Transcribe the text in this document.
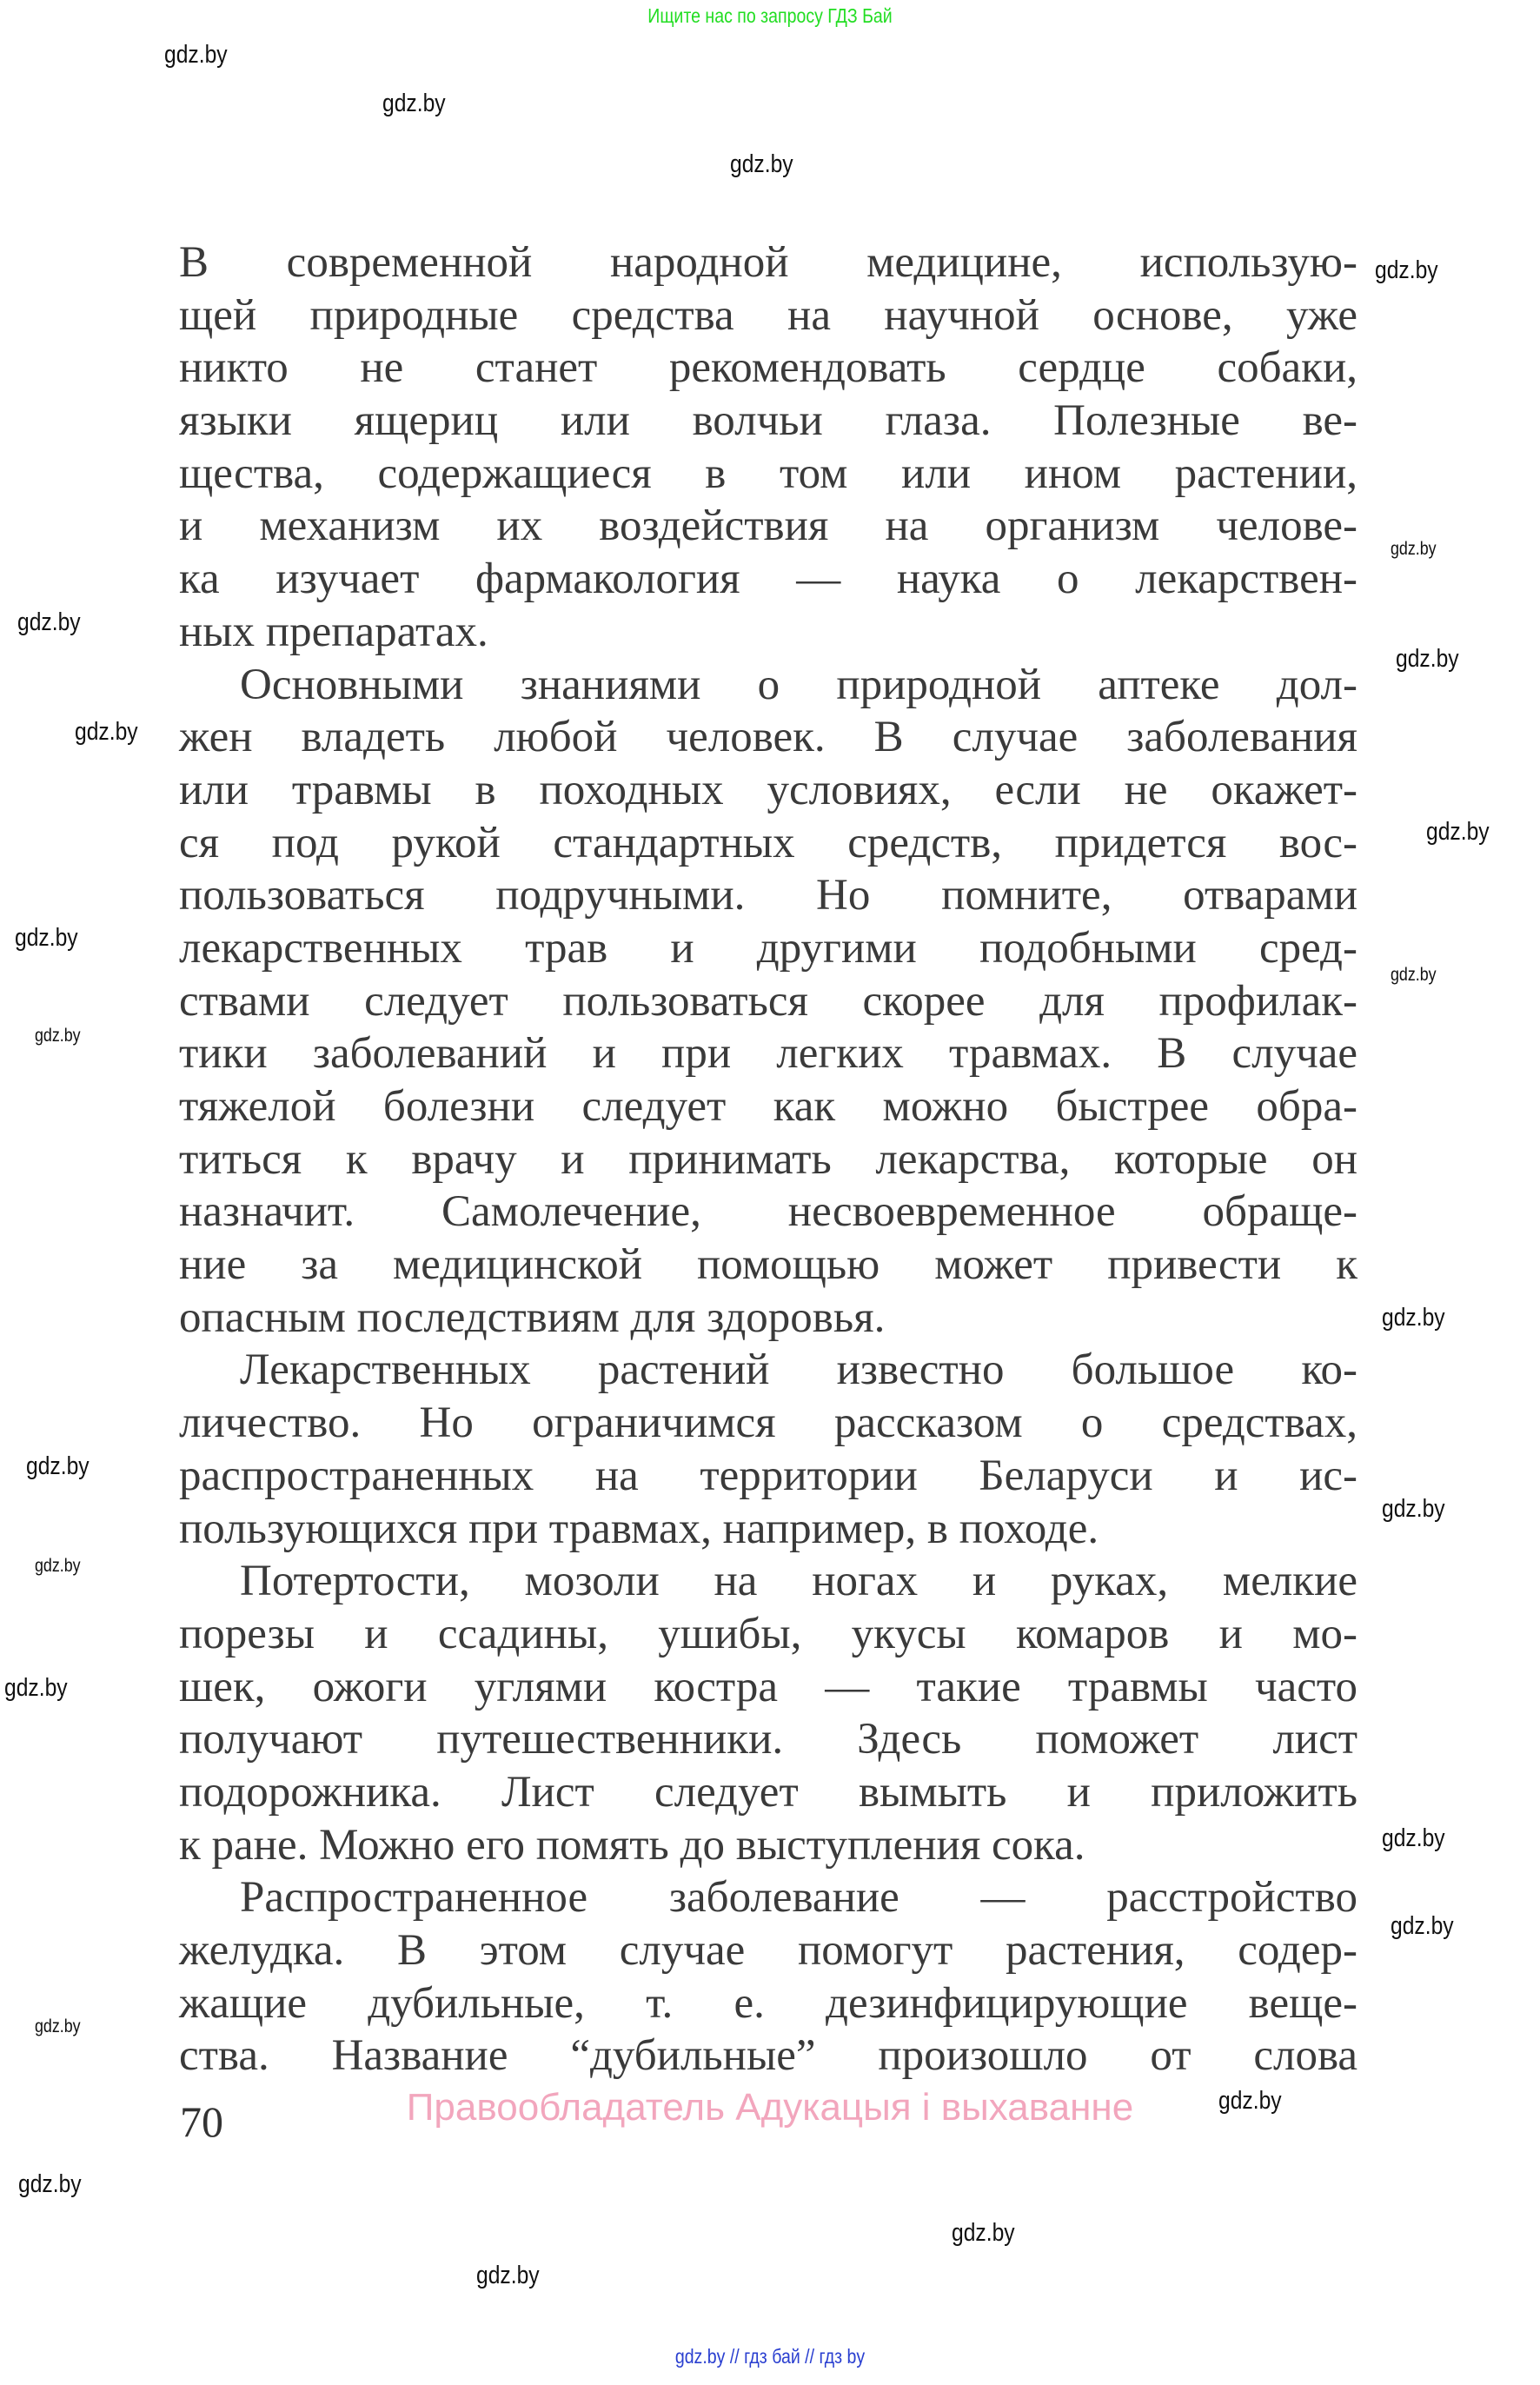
Ищите нас по запросу ГДЗ Бай
В современной народной медицине, использую-
щей природные средства на научной основе, уже
никто не станет рекомендовать сердце собаки,
языки ящериц или волчьи глаза. Полезные ве-
щества, содержащиеся в том или ином растении,
и механизм их воздействия на организм челове-
ка изучает фармакология — наука о лекарствен-
ных препаратах.
Основными знаниями о природной аптеке дол-
жен владеть любой человек. В случае заболевания
или травмы в походных условиях, если не окажет-
ся под рукой стандартных средств, придется вос-
пользоваться подручными. Но помните, отварами
лекарственных трав и другими подобными сред-
ствами следует пользоваться скорее для профилак-
тики заболеваний и при легких травмах. В случае
тяжелой болезни следует как можно быстрее обра-
титься к врачу и принимать лекарства, которые он
назначит. Самолечение, несвоевременное обраще-
ние за медицинской помощью может привести к
опасным последствиям для здоровья.
Лекарственных растений известно большое ко-
личество. Но ограничимся рассказом о средствах,
распространенных на территории Беларуси и ис-
пользующихся при травмах, например, в походе.
Потертости, мозоли на ногах и руках, мелкие
порезы и ссадины, ушибы, укусы комаров и мо-
шек, ожоги углями костра — такие травмы часто
получают путешественники. Здесь поможет лист
подорожника. Лист следует вымыть и приложить
к ране. Можно его помять до выступления сока.
Распространенное заболевание — расстройство
желудка. В этом случае помогут растения, содер-
жащие дубильные, т. е. дезинфицирующие веще-
ства. Название “дубильные” произошло от слова
70	Правообладатель Адукацыя і выхаванне
gdz.by
gdz.by
gdz.by
gdz.by
gdz.by
gdz.by
gdz.by
gdz.by
gdz.by
gdz.by
gdz.by
gdz.by
gdz.by
gdz.by
gdz.by
gdz.by
gdz.by
gdz.by
gdz.by
gdz.by
gdz.by
gdz.by
gdz.by
gdz.by
gdz.by // гдз бай // гдз by
